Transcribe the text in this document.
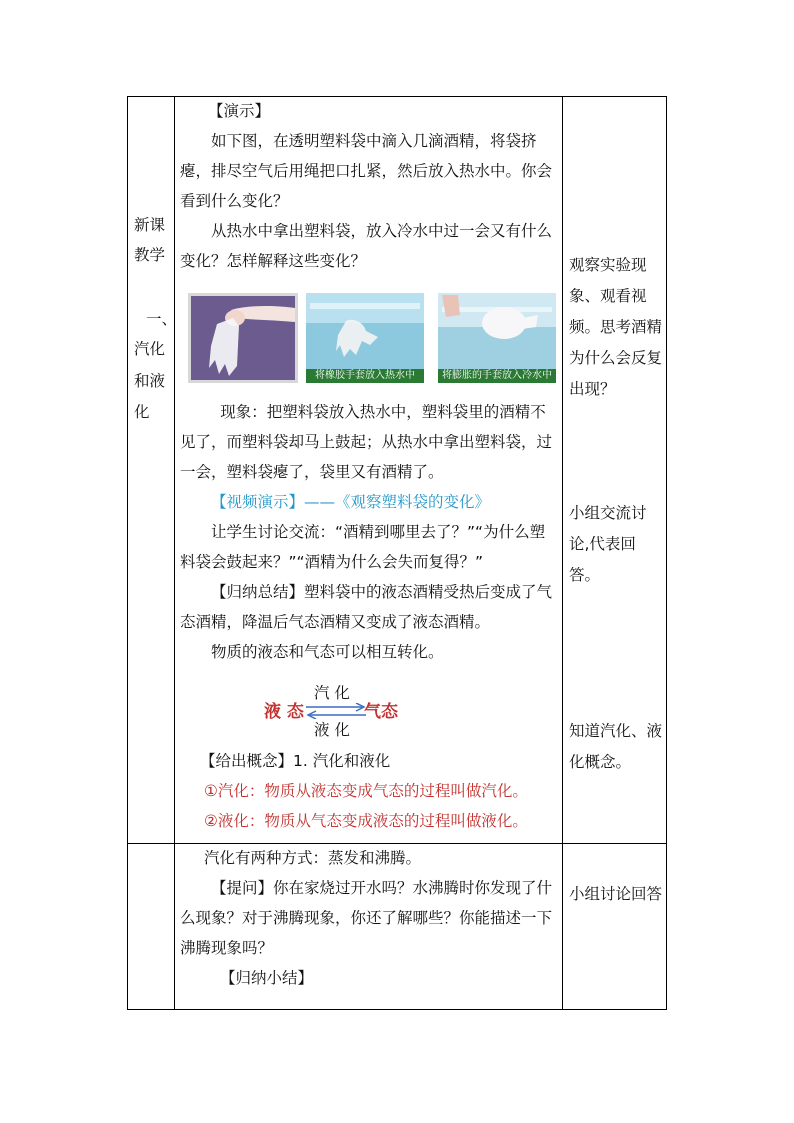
新课
教学
一、
汽化
和液
化

【演示】

如下图，在透明塑料袋中滴入几滴酒精，将袋挤瘪，排尽空气后用绳把口扎紧，然后放入热水中。你会看到什么变化？

从热水中拿出塑料袋，放入冷水中过一会又有什么变化？怎样解释这些变化？

将橡胶手套放入热水中	将膨胀的手套放入冷水中

现象：把塑料袋放入热水中，塑料袋里的酒精不见了，而塑料袋却马上鼓起；从热水中拿出塑料袋，过一会，塑料袋瘪了，袋里又有酒精了。

【视频演示】——《观察塑料袋的变化》

让学生讨论交流：“酒精到哪里去了？”“为什么塑料袋会鼓起来？”“酒精为什么会失而复得？”

【归纳总结】塑料袋中的液态酒精受热后变成了气态酒精，降温后气态酒精又变成了液态酒精。

物质的液态和气态可以相互转化。

汽 化
液 态	气态
液 化

【给出概念】1. 汽化和液化

①汽化：物质从液态变成气态的过程叫做汽化。

②液化：物质从气态变成液态的过程叫做液化。

汽化有两种方式：蒸发和沸腾。

【提问】你在家烧过开水吗？水沸腾时你发现了什么现象？对于沸腾现象，你还了解哪些？你能描述一下沸腾现象吗？

【归纳小结】

观察实验现象、观看视频。思考酒精为什么会反复出现？

小组交流讨论,代表回答。

知道汽化、液化概念。

小组讨论回答
